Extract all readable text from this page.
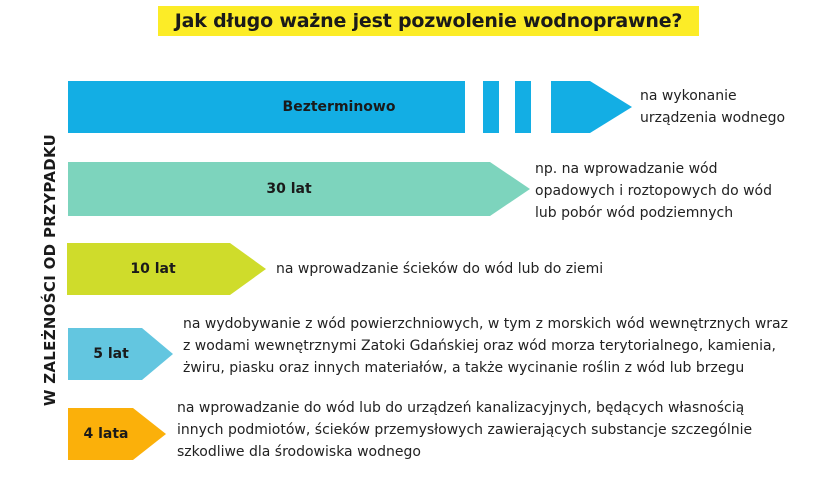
Jak długo ważne jest pozwolenie wodnoprawne?
W ZALEŻNOŚCI OD PRZYPADKU
Bezterminowo
na wykonanie
urządzenia wodnego
30 lat
np. na wprowadzanie wód
opadowych i roztopowych do wód
lub pobór wód podziemnych
10 lat	na wprowadzanie ścieków do wód lub do ziemi
5 lat
na wydobywanie z wód powierzchniowych, w tym z morskich wód wewnętrznych wraz
z wodami wewnętrznymi Zatoki Gdańskiej oraz wód morza terytorialnego, kamienia,
żwiru, piasku oraz innych materiałów, a także wycinanie roślin z wód lub brzegu
4 lata
na wprowadzanie do wód lub do urządzeń kanalizacyjnych, będących własnością
innych podmiotów, ścieków przemysłowych zawierających substancje szczególnie
szkodliwe dla środowiska wodnego
